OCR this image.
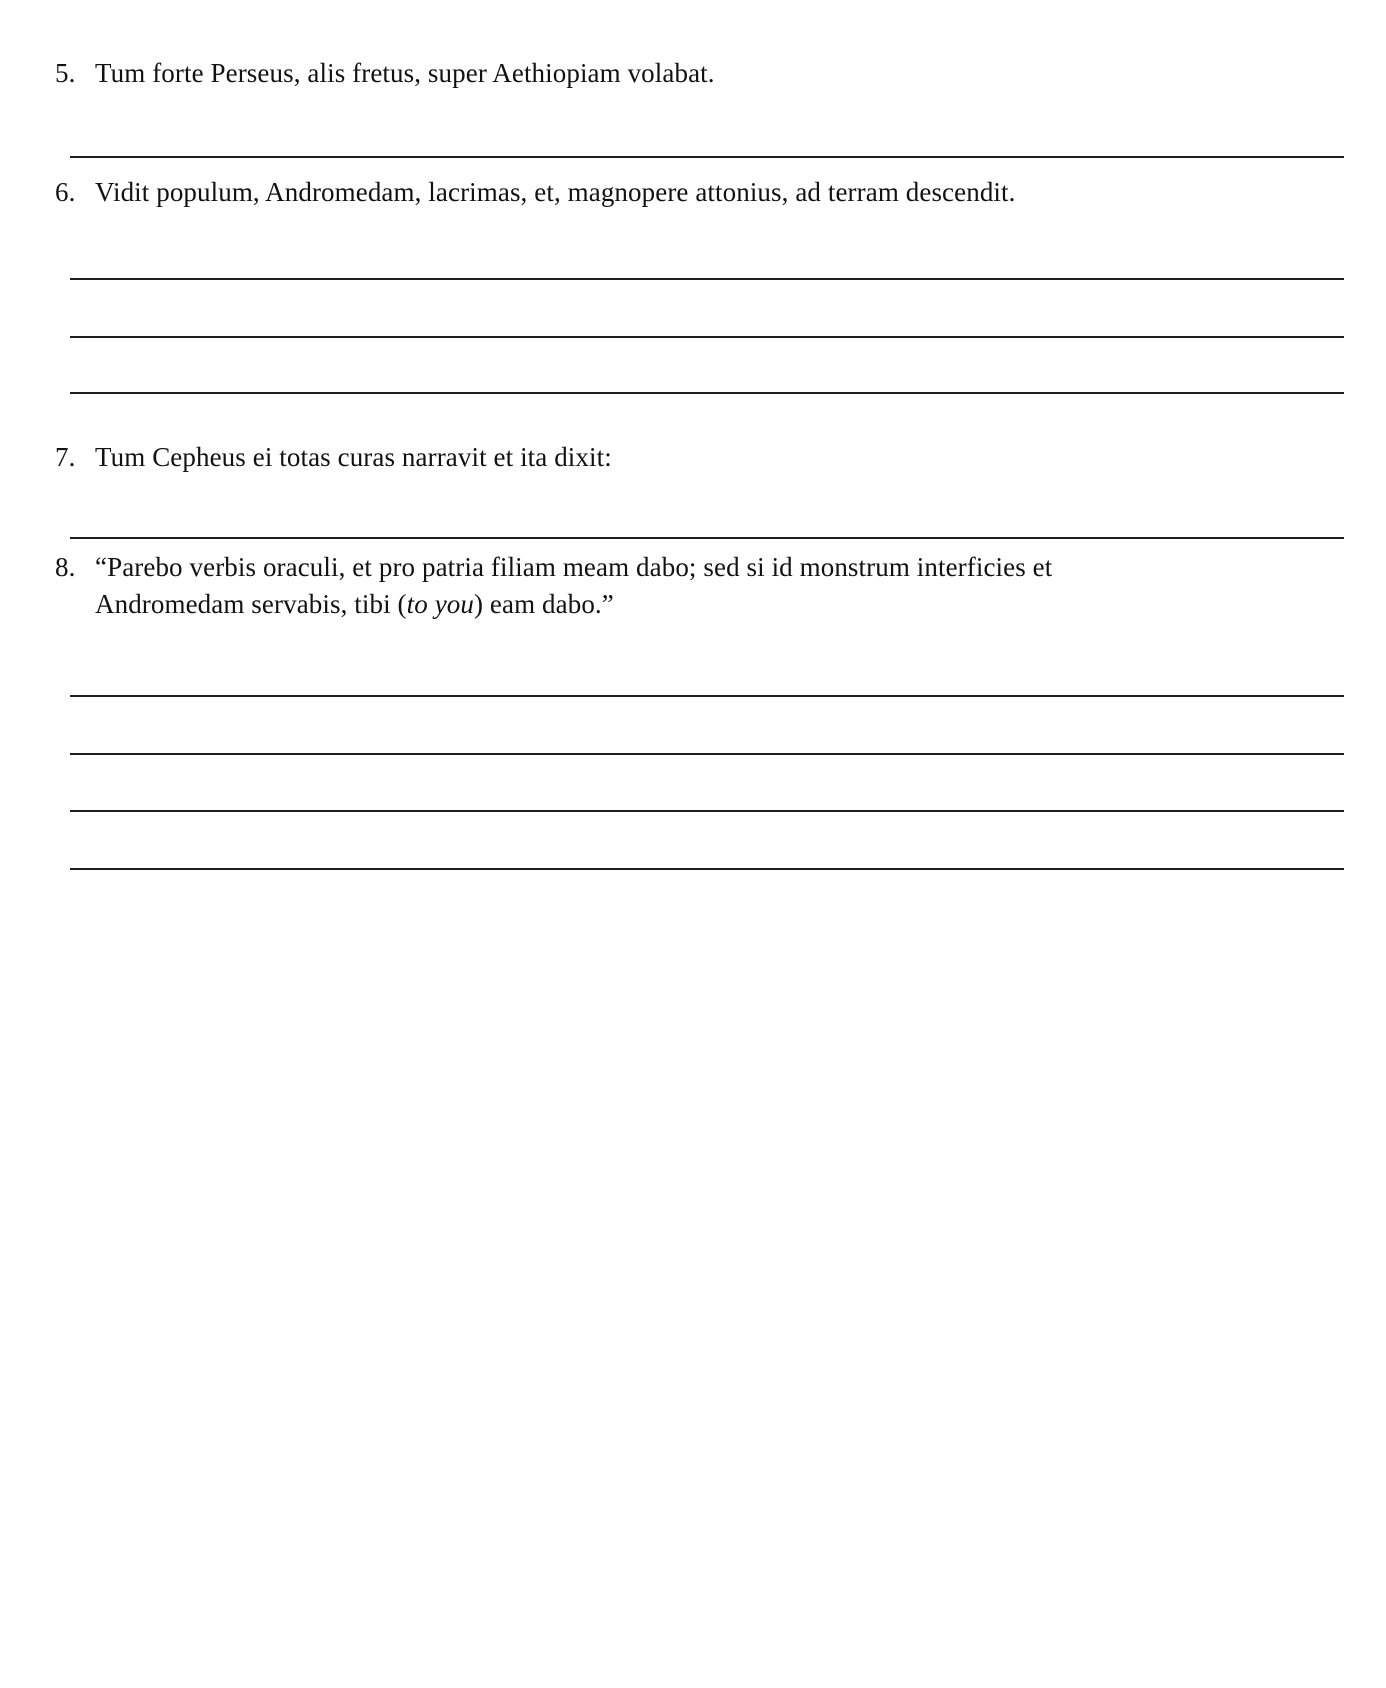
5. Tum forte Perseus, alis fretus, super Aethiopiam volabat.
6. Vidit populum, Andromedam, lacrimas, et, magnopere attonius, ad terram descendit.
7. Tum Cepheus ei totas curas narravit et ita dixit:
8. “Parebo verbis oraculi, et pro patria filiam meam dabo; sed si id monstrum interficies et
Andromedam servabis, tibi (to you) eam dabo.”
